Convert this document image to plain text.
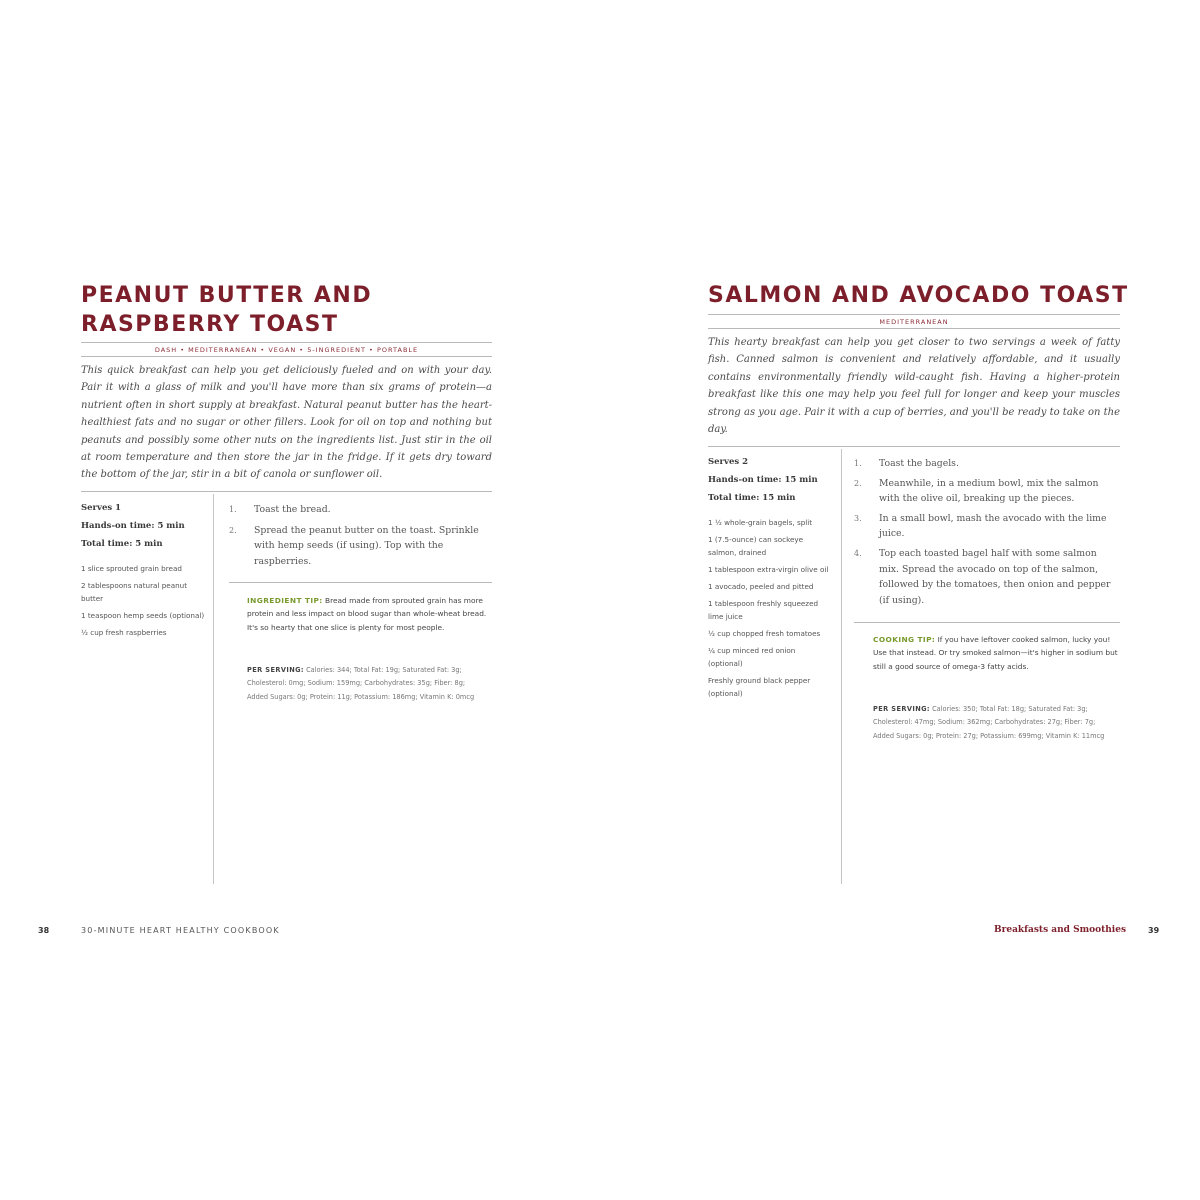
PEANUT BUTTER AND
RASPBERRY TOAST
DASH • MEDITERRANEAN • VEGAN • 5-INGREDIENT • PORTABLE

This quick breakfast can help you get deliciously fueled and on with your day. Pair it with a glass of milk and you'll have more than six grams of protein—a nutrient often in short supply at breakfast. Natural peanut butter has the heart-healthiest fats and no sugar or other fillers. Look for oil on top and nothing but peanuts and possibly some other nuts on the ingredients list. Just stir in the oil at room temperature and then store the jar in the fridge. If it gets dry toward the bottom of the jar, stir in a bit of canola or sunflower oil.

Serves 1
Hands-on time: 5 min
Total time: 5 min
1 slice sprouted grain bread
2 tablespoons natural peanut butter
1 teaspoon hemp seeds (optional)
½ cup fresh raspberries
1. Toast the bread.
2. Spread the peanut butter on the toast. Sprinkle with hemp seeds (if using). Top with the raspberries.

INGREDIENT TIP: Bread made from sprouted grain has more protein and less impact on blood sugar than whole-wheat bread. It's so hearty that one slice is plenty for most people.

PER SERVING: Calories: 344; Total Fat: 19g; Saturated Fat: 3g; Cholesterol: 0mg; Sodium: 159mg; Carbohydrates: 35g; Fiber: 8g; Added Sugars: 0g; Protein: 11g; Potassium: 186mg; Vitamin K: 0mcg

38	30-MINUTE HEART HEALTHY COOKBOOK
SALMON AND AVOCADO TOAST
MEDITERRANEAN

This hearty breakfast can help you get closer to two servings a week of fatty fish. Canned salmon is convenient and relatively affordable, and it usually contains environmentally friendly wild-caught fish. Having a higher-protein breakfast like this one may help you feel full for longer and keep your muscles strong as you age. Pair it with a cup of berries, and you'll be ready to take on the day.

Serves 2
Hands-on time: 15 min
Total time: 15 min
1 ½ whole-grain bagels, split
1 (7.5-ounce) can sockeye salmon, drained
1 tablespoon extra-virgin olive oil
1 avocado, peeled and pitted
1 tablespoon freshly squeezed lime juice
½ cup chopped fresh tomatoes
¼ cup minced red onion (optional)
Freshly ground black pepper (optional)
1. Toast the bagels.
2. Meanwhile, in a medium bowl, mix the salmon with the olive oil, breaking up the pieces.
3. In a small bowl, mash the avocado with the lime juice.
4. Top each toasted bagel half with some salmon mix. Spread the avocado on top of the salmon, followed by the tomatoes, then onion and pepper (if using).

COOKING TIP: If you have leftover cooked salmon, lucky you! Use that instead. Or try smoked salmon—it's higher in sodium but still a good source of omega-3 fatty acids.

PER SERVING: Calories: 350; Total Fat: 18g; Saturated Fat: 3g; Cholesterol: 47mg; Sodium: 362mg; Carbohydrates: 27g; Fiber: 7g; Added Sugars: 0g; Protein: 27g; Potassium: 699mg; Vitamin K: 11mcg

Breakfasts and Smoothies	39
